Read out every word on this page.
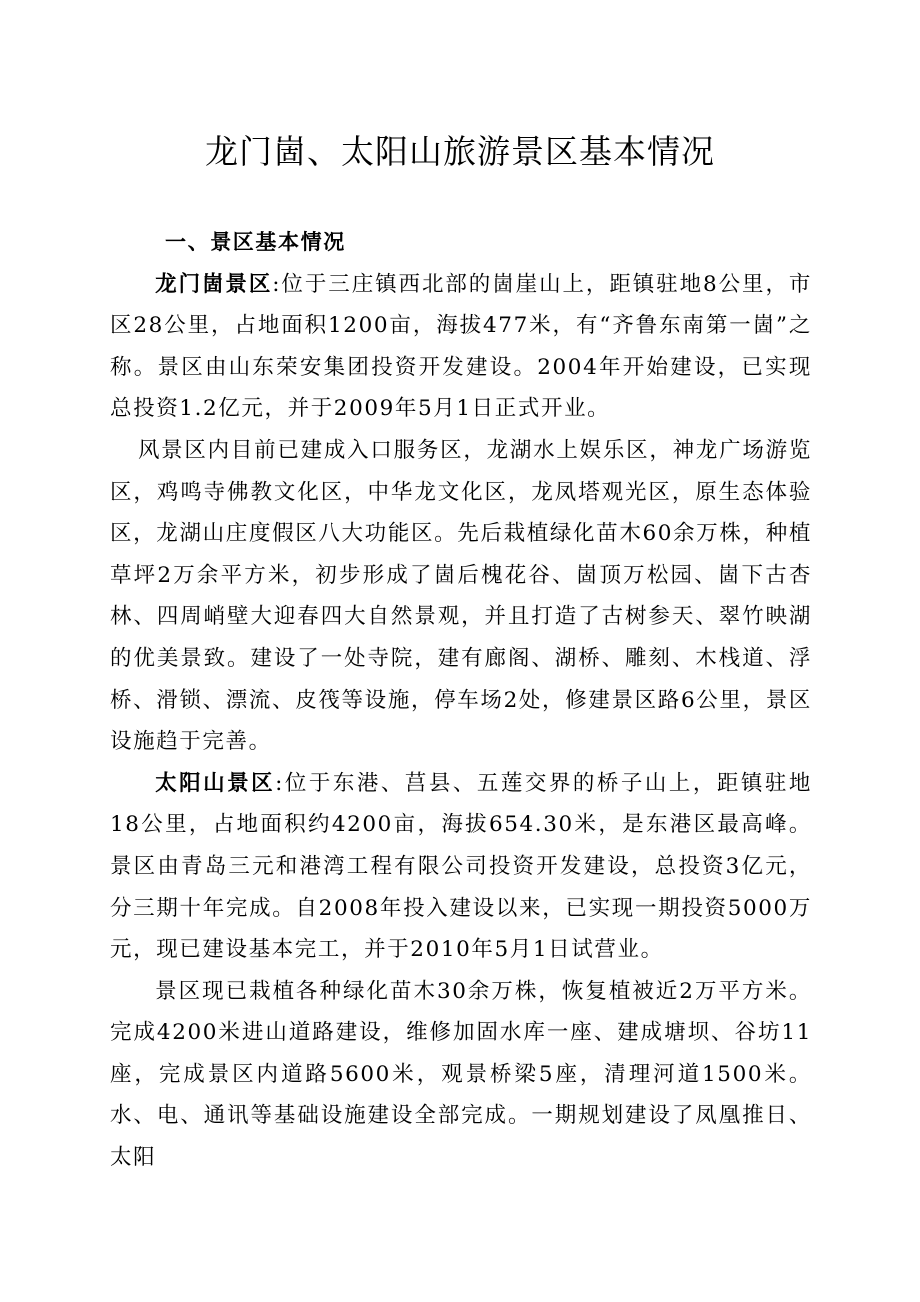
龙门崮、太阳山旅游景区基本情况

一、景区基本情况

龙门崮景区:位于三庄镇西北部的崮崖山上，距镇驻地8公里，市区28公里，占地面积1200亩，海拔477米，有“齐鲁东南第一崮”之称。景区由山东荣安集团投资开发建设。2004年开始建设，已实现总投资1.2亿元，并于2009年5月1日正式开业。

风景区内目前已建成入口服务区，龙湖水上娱乐区，神龙广场游览区，鸡鸣寺佛教文化区，中华龙文化区，龙凤塔观光区，原生态体验区，龙湖山庄度假区八大功能区。先后栽植绿化苗木60余万株，种植草坪2万余平方米，初步形成了崮后槐花谷、崮顶万松园、崮下古杏林、四周峭壁大迎春四大自然景观，并且打造了古树参天、翠竹映湖的优美景致。建设了一处寺院，建有廊阁、湖桥、雕刻、木栈道、浮桥、滑锁、漂流、皮筏等设施，停车场2处，修建景区路6公里，景区设施趋于完善。

太阳山景区:位于东港、莒县、五莲交界的桥子山上，距镇驻地18公里，占地面积约4200亩，海拔654.30米，是东港区最高峰。景区由青岛三元和港湾工程有限公司投资开发建设，总投资3亿元，分三期十年完成。自2008年投入建设以来，已实现一期投资5000万元，现已建设基本完工，并于2010年5月1日试营业。

景区现已栽植各种绿化苗木30余万株，恢复植被近2万平方米。完成4200米进山道路建设，维修加固水库一座、建成塘坝、谷坊11座，完成景区内道路5600米，观景桥梁5座，清理河道1500米。水、电、通讯等基础设施建设全部完成。一期规划建设了凤凰推日、太阳
